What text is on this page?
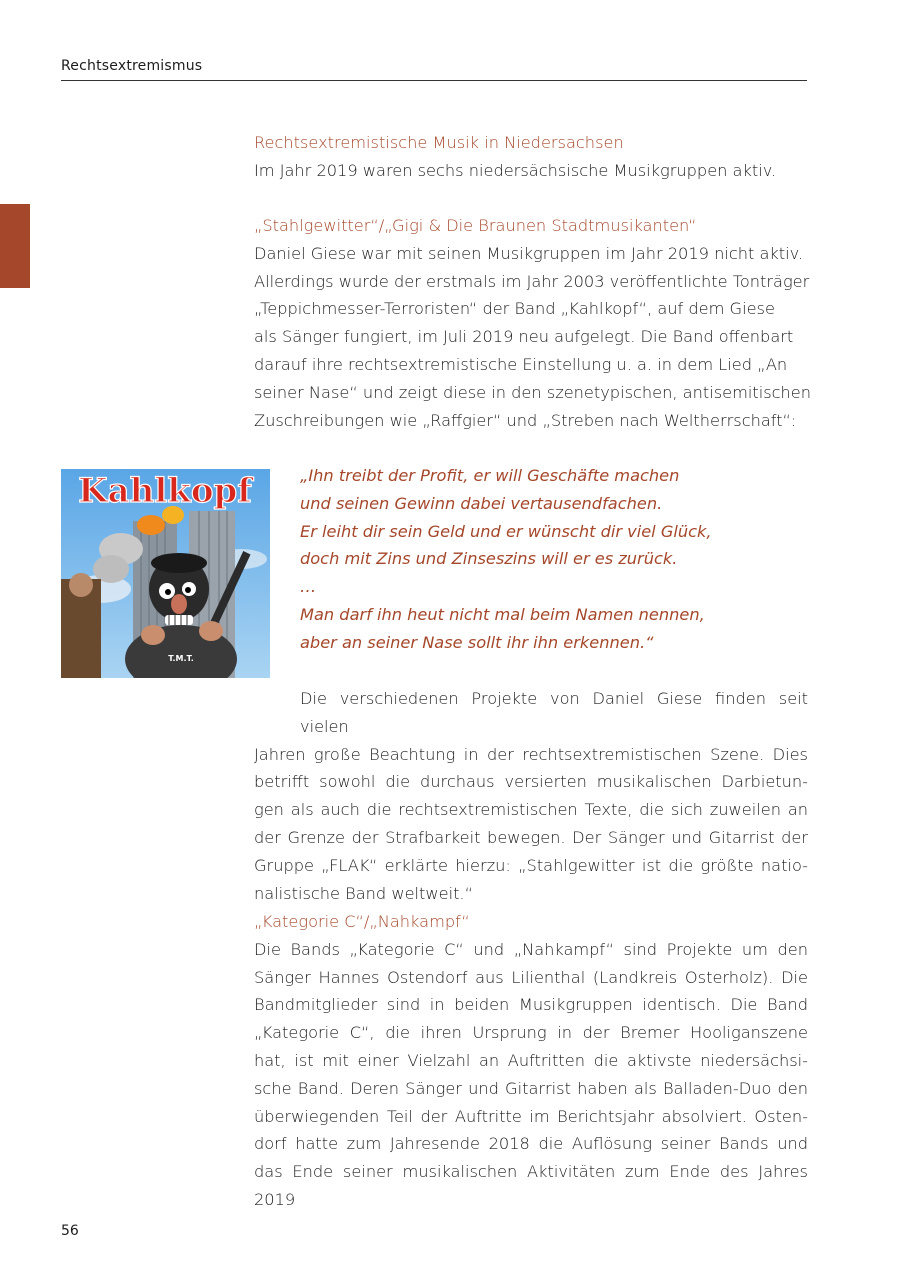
Rechtsextremismus
Rechtsextremistische Musik in Niedersachsen
Im Jahr 2019 waren sechs niedersächsische Musikgruppen aktiv.
„Stahlgewitter“/„Gigi & Die Braunen Stadtmusikanten“
Daniel Giese war mit seinen Musikgruppen im Jahr 2019 nicht aktiv.
Allerdings wurde der erstmals im Jahr 2003 veröffentlichte Tonträger
„Teppichmesser-Terroristen“ der Band „Kahlkopf“, auf dem Giese
als Sänger fungiert, im Juli 2019 neu aufgelegt. Die Band offenbart
darauf ihre rechtsextremistische Einstellung u. a. in dem Lied „An
seiner Nase“ und zeigt diese in den szenetypischen, antisemitischen
Zuschreibungen wie „Raffgier“ und „Streben nach Weltherrschaft“:
T.M.T.
Kahlkopf	„Ihn treibt der Profit, er will Geschäfte machen
und seinen Gewinn dabei vertausendfachen.
Er leiht dir sein Geld und er wünscht dir viel Glück,
doch mit Zins und Zinseszins will er es zurück.
…
Man darf ihn heut nicht mal beim Namen nennen,
aber an seiner Nase sollt ihr ihn erkennen.“
Die verschiedenen Projekte von Daniel Giese finden seit vielen
Jahren große Beachtung in der rechtsextremistischen Szene. Dies
betrifft sowohl die durchaus versierten musikalischen Darbietun-
gen als auch die rechtsextremistischen Texte, die sich zuweilen an
der Grenze der Strafbarkeit bewegen. Der Sänger und Gitarrist der
Gruppe „FLAK“ erklärte hierzu: „Stahlgewitter ist die größte natio-
nalistische Band weltweit.“
„Kategorie C“/„Nahkampf“
Die Bands „Kategorie C“ und „Nahkampf“ sind Projekte um den
Sänger Hannes Ostendorf aus Lilienthal (Landkreis Osterholz). Die
Bandmitglieder sind in beiden Musikgruppen identisch. Die Band
„Kategorie C“, die ihren Ursprung in der Bremer Hooliganszene
hat, ist mit einer Vielzahl an Auftritten die aktivste niedersächsi-
sche Band. Deren Sänger und Gitarrist haben als Balladen-Duo den
überwiegenden Teil der Auftritte im Berichtsjahr absolviert. Osten-
dorf hatte zum Jahresende 2018 die Auflösung seiner Bands und
das Ende seiner musikalischen Aktivitäten zum Ende des Jahres 2019
56
